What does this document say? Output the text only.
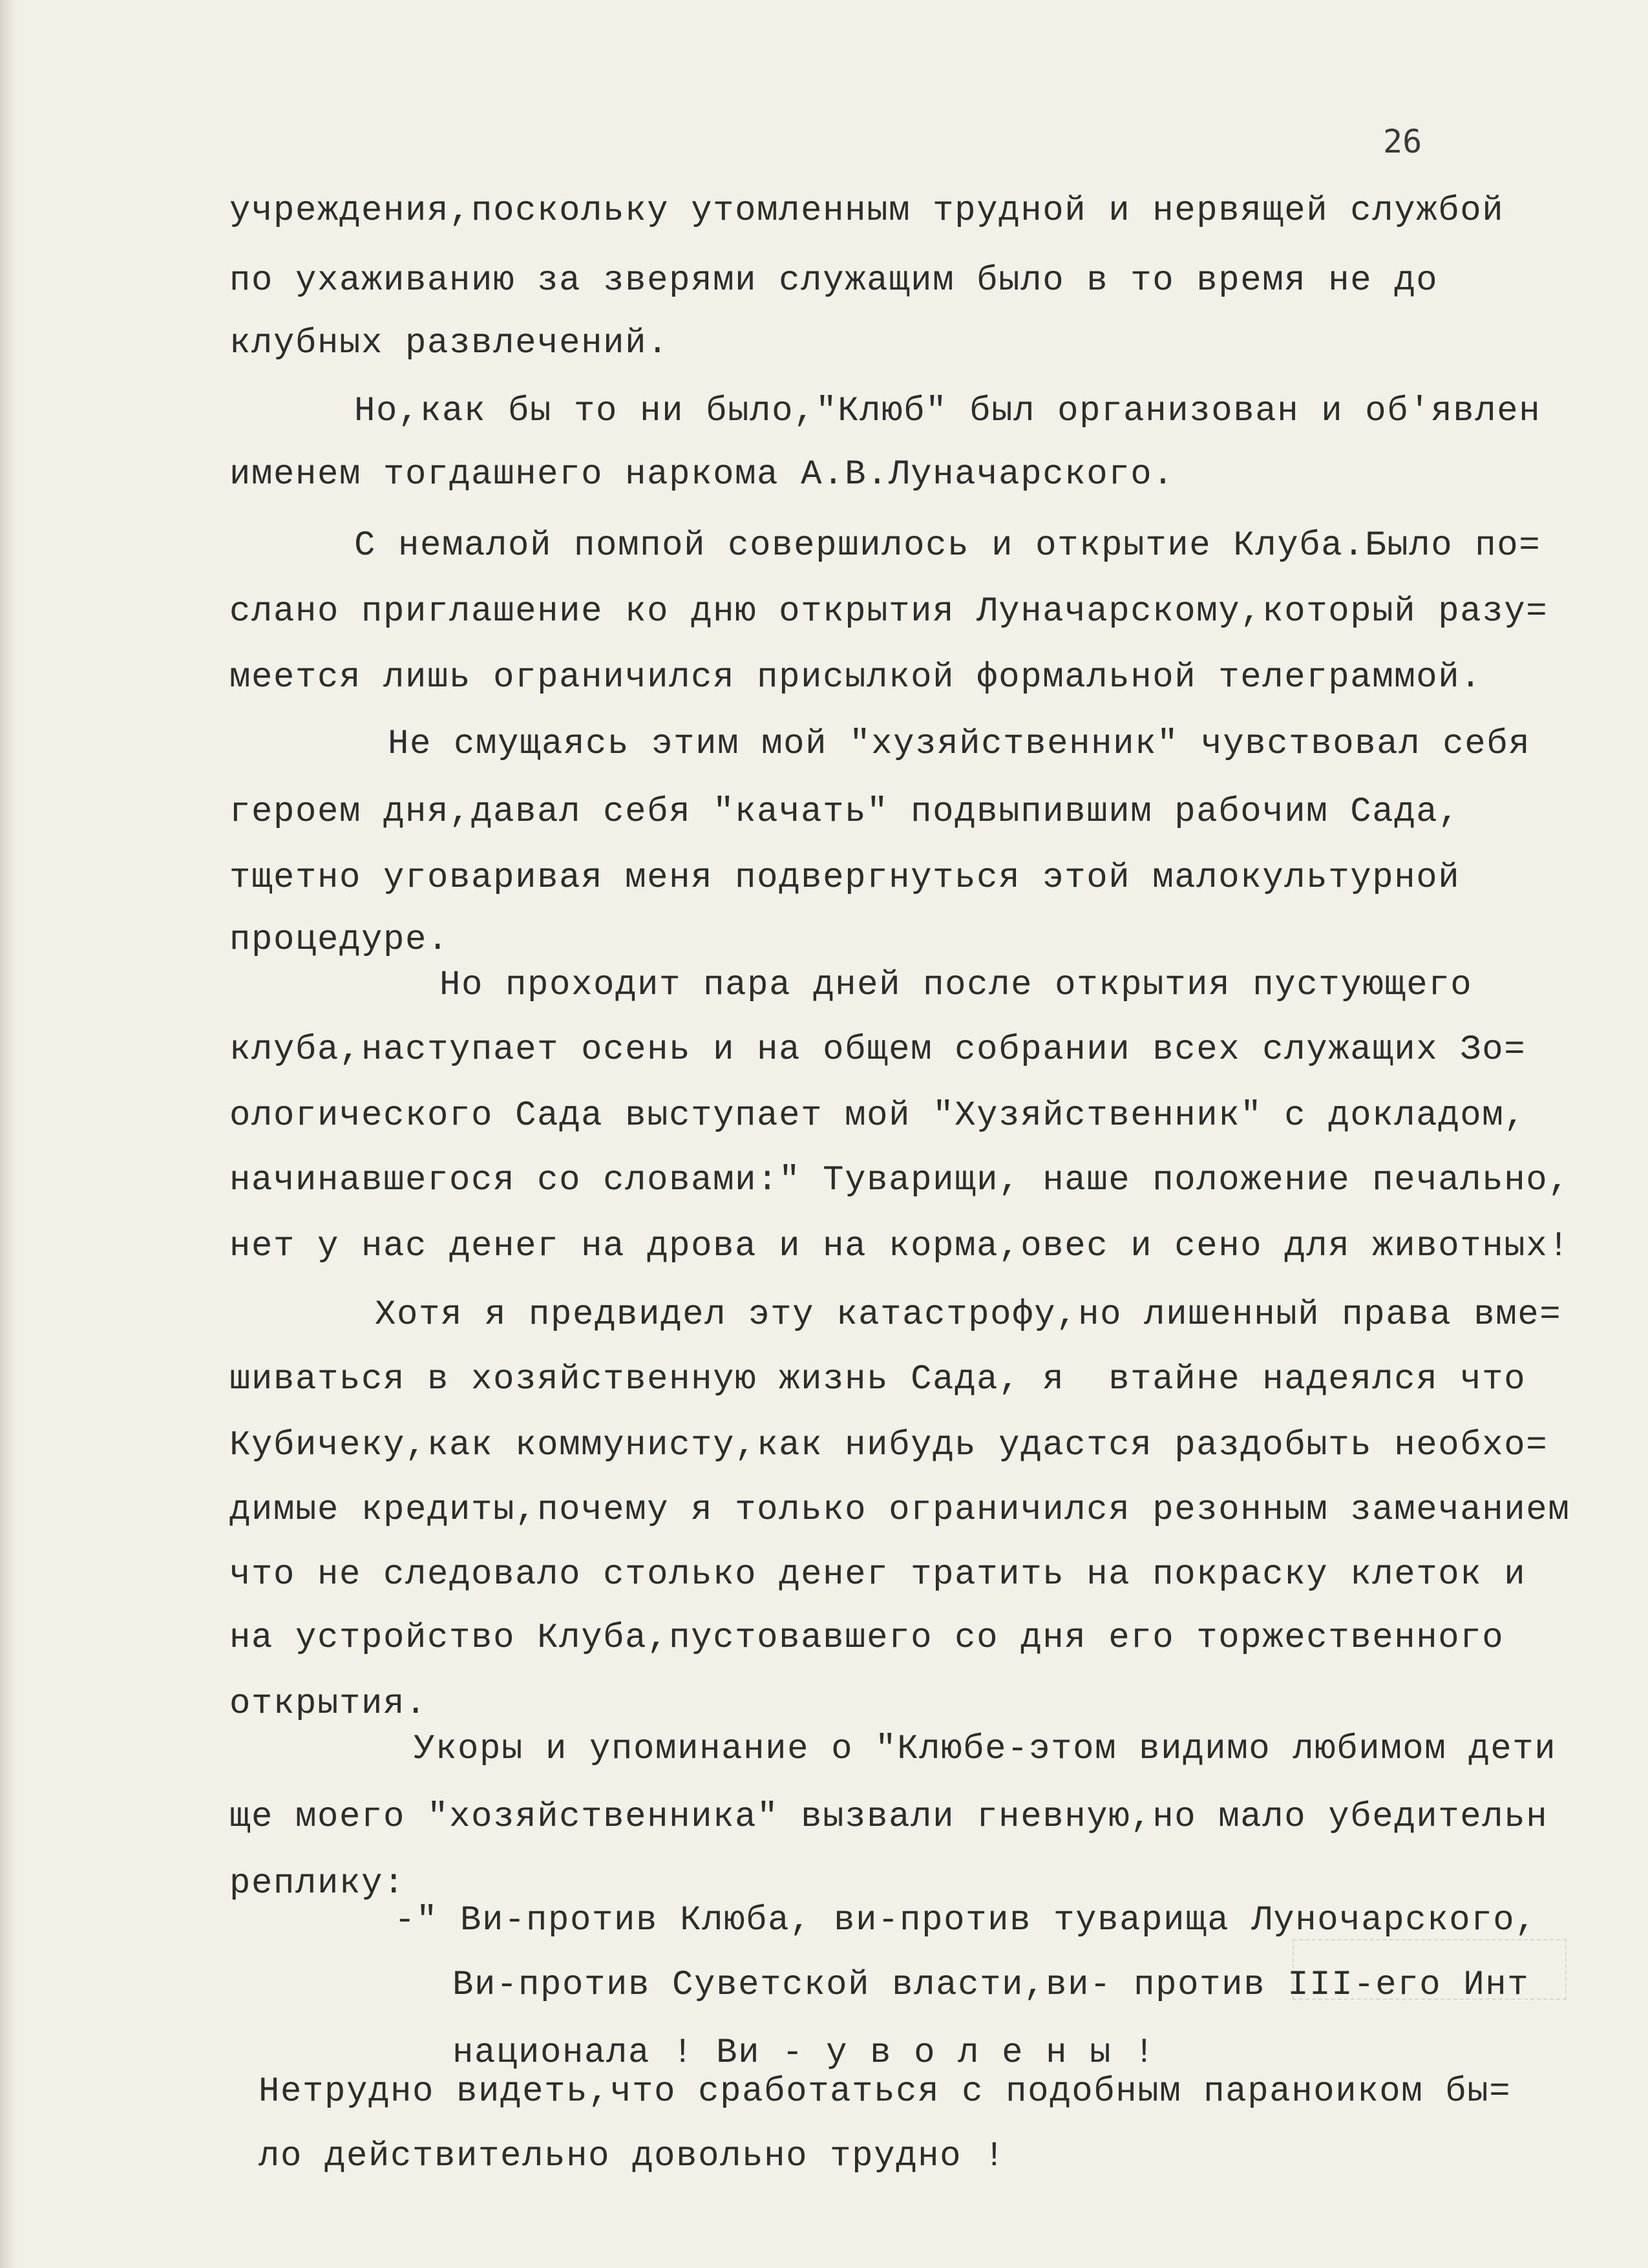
26
учреждения,поскольку утомленным трудной и нервящей службой
по ухаживанию за зверями служащим было в то время не до
клубных развлечений.
Но,как бы то ни было,"Клюб" был организован и об'явлен
именем тогдашнего наркома А.В.Луначарского.
С немалой помпой совершилось и открытие Клуба.Было по=
слано приглашение ко дню открытия Луначарскому,который разу=
меется лишь ограничился присылкой формальной телеграммой.
Не смущаясь этим мой "хузяйственник" чувствовал себя
героем дня,давал себя "качать" подвыпившим рабочим Сада,
тщетно уговаривая меня подвергнуться этой малокультурной
процедуре.
Но проходит пара дней после открытия пустующего
клуба,наступает осень и на общем собрании всех служащих Зо=
ологического Сада выступает мой "Хузяйственник" с докладом,
начинавшегося со словами:" Туварищи, наше положение печально,
нет у нас денег на дрова и на корма,овес и сено для животных!
Хотя я предвидел эту катастрофу,но лишенный права вме=
шиваться в хозяйственную жизнь Сада, я  втайне надеялся что
Кубичеку,как коммунисту,как нибудь удастся раздобыть необхо=
димые кредиты,почему я только ограничился резонным замечанием
что не следовало столько денег тратить на покраску клеток и
на устройство Клуба,пустовавшего со дня его торжественного
открытия.
Укоры и упоминание о "Клюбе-этом видимо любимом дети
ще моего "хозяйственника" вызвали гневную,но мало убедительн
реплику:
-" Ви-против Клюба, ви-против туварища Луночарского,
Ви-против Суветской власти,ви- против III-его Инт
национала ! Ви - у в о л е н ы !
Нетрудно видеть,что сработаться с подобным параноиком бы=
ло действительно довольно трудно !
